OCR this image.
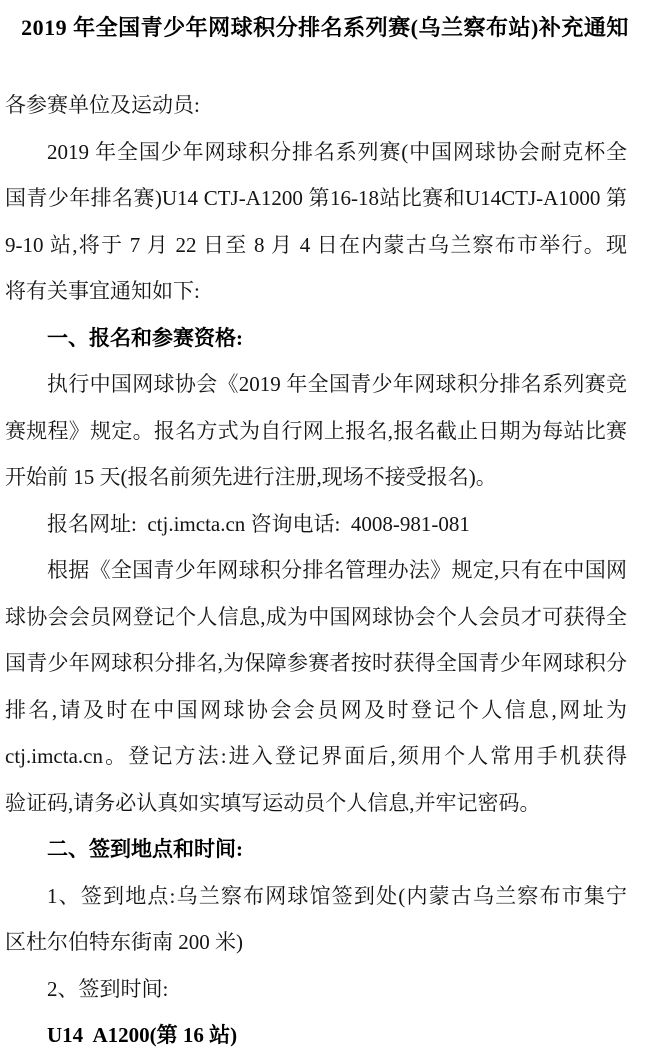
2019 年全国青少年网球积分排名系列赛(乌兰察布站)补充通知
各参赛单位及运动员:
2019 年全国少年网球积分排名系列赛(中国网球协会耐克杯全
国青少年排名赛)U14 CTJ-A1200 第16-18站比赛和U14CTJ-A1000 第
9-10 站,将于 7 月 22 日至 8 月 4 日在内蒙古乌兰察布市举行。现
将有关事宜通知如下:
一、报名和参赛资格:
执行中国网球协会《2019 年全国青少年网球积分排名系列赛竞
赛规程》规定。报名方式为自行网上报名,报名截止日期为每站比赛
开始前 15 天(报名前须先进行注册,现场不接受报名)。
报名网址:  ctj.imcta.cn 咨询电话:  4008-981-081
根据《全国青少年网球积分排名管理办法》规定,只有在中国网
球协会会员网登记个人信息,成为中国网球协会个人会员才可获得全
国青少年网球积分排名,为保障参赛者按时获得全国青少年网球积分
排名,请及时在中国网球协会会员网及时登记个人信息,网址为
ctj.imcta.cn。登记方法:进入登记界面后,须用个人常用手机获得
验证码,请务必认真如实填写运动员个人信息,并牢记密码。
二、签到地点和时间:
1、签到地点:乌兰察布网球馆签到处(内蒙古乌兰察布市集宁
区杜尔伯特东街南 200 米)
2、签到时间:
U14  A1200(第 16 站)
